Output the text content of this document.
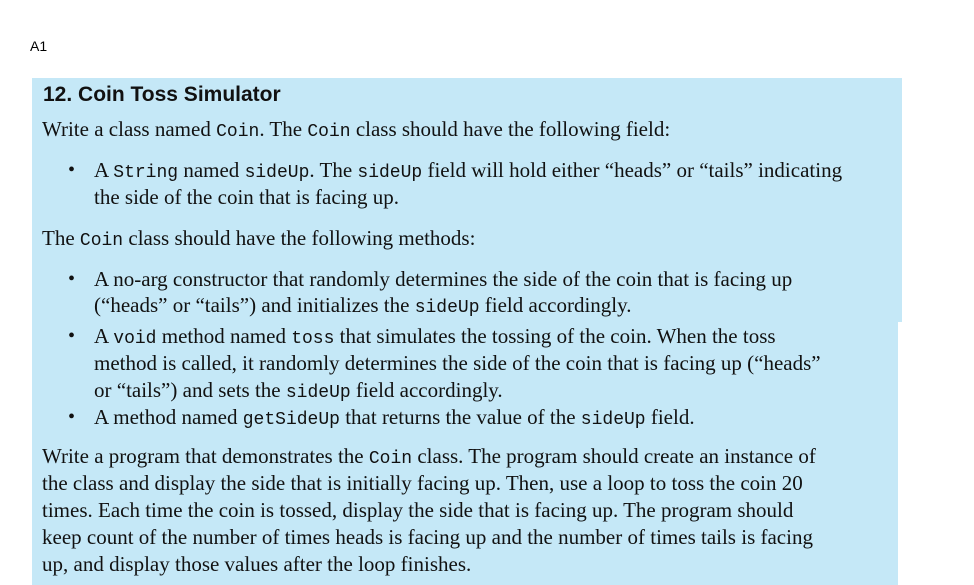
A1
12. Coin Toss Simulator
Write a class named Coin. The Coin class should have the following field:
• A String named sideUp. The sideUp field will hold either “heads” or “tails” indicating
the side of the coin that is facing up.
The Coin class should have the following methods:
• A no-arg constructor that randomly determines the side of the coin that is facing up
(“heads” or “tails”) and initializes the sideUp field accordingly.
• A void method named toss that simulates the tossing of the coin. When the toss
method is called, it randomly determines the side of the coin that is facing up (“heads”
or “tails”) and sets the sideUp field accordingly.
• A method named getSideUp that returns the value of the sideUp field.
Write a program that demonstrates the Coin class. The program should create an instance of
the class and display the side that is initially facing up. Then, use a loop to toss the coin 20
times. Each time the coin is tossed, display the side that is facing up. The program should
keep count of the number of times heads is facing up and the number of times tails is facing
up, and display those values after the loop finishes.
